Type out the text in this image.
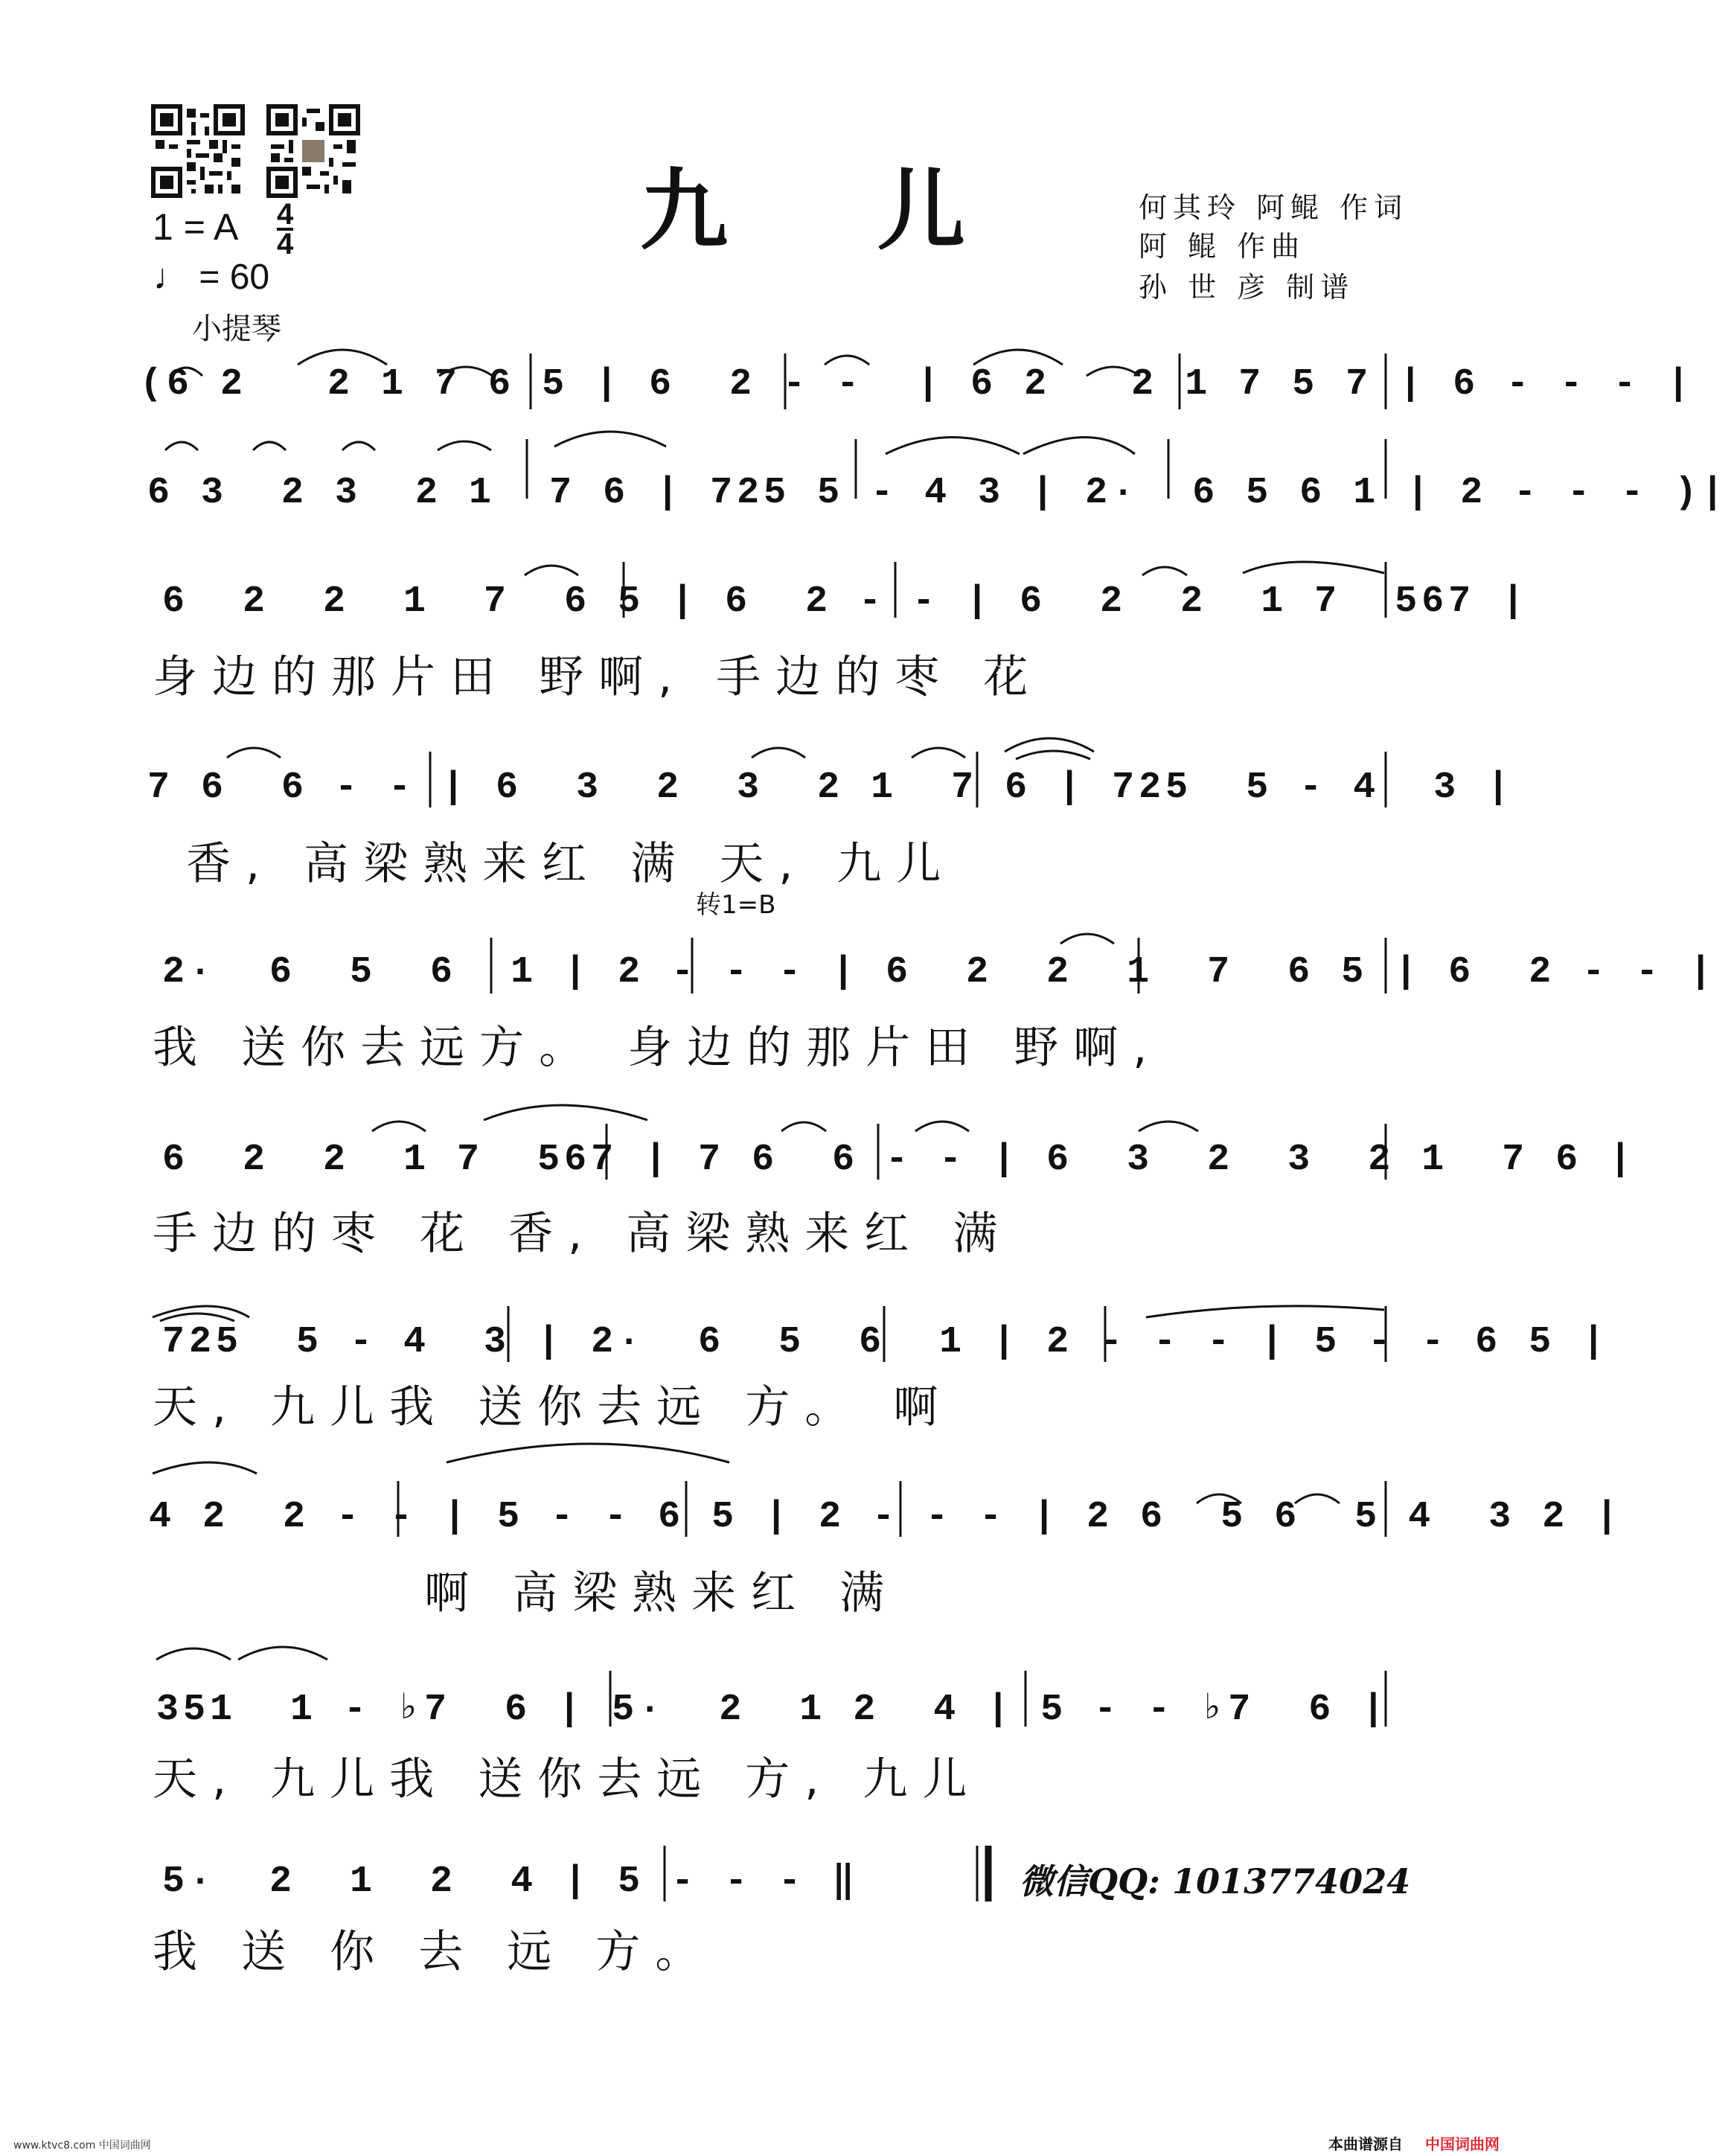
九 儿	何其玲 阿鲲 作词
阿 鲲 作曲
孙 世 彦 制谱
1 = A 4
4
♩ = 60
小提琴
(6 2   2 1 7 6 5 | 6  2 - -  | 6 2   2 1 7 5 7 | 6 - - - |
6 3  2 3  2 1  7 6 | 725 5 - 4 3 | 2·  6 5 6 1 | 2 - - - )|
6  2  2  1  7  6 5 | 6  2 - - | 6  2  2  1 7  567 |
身边的那片田 野啊, 手边的枣 花
7 6  6 - - | 6  3  2  3  2 1  7 6 | 725  5 - 4  3 |
香, 高梁熟来红 满 天, 九儿
转1=B
2·  6  5  6  1 | 2 - - - | 6  2  2  1  7  6 5 | 6  2 - - |
我 送你去远方。 身边的那片田 野啊,
6  2  2  1 7  567 | 7 6  6 - - | 6  3  2  3  2 1  7 6 |
手边的枣 花 香, 高梁熟来红 满
725  5 - 4  3 | 2·  6  5  6  1 | 2 - - - | 5 - - 6 5 |
天, 九儿我 送你去远 方。 啊
4 2  2 - - | 5 - - 6 5 | 2 - - - | 2 6  5 6  5 4  3 2 |
啊 高梁熟来红 满
351  1 - ♭7  6 | 5·  2  1 2  4 | 5 - - ♭7  6 |
天, 九儿我 送你去远 方, 九儿
5·  2  1  2  4 | 5 - - - ‖
我 送 你 去 远 方。
微信QQ: 1013774024
www.ktvc8.com 中国词曲网	本曲谱源自 中国词曲网
